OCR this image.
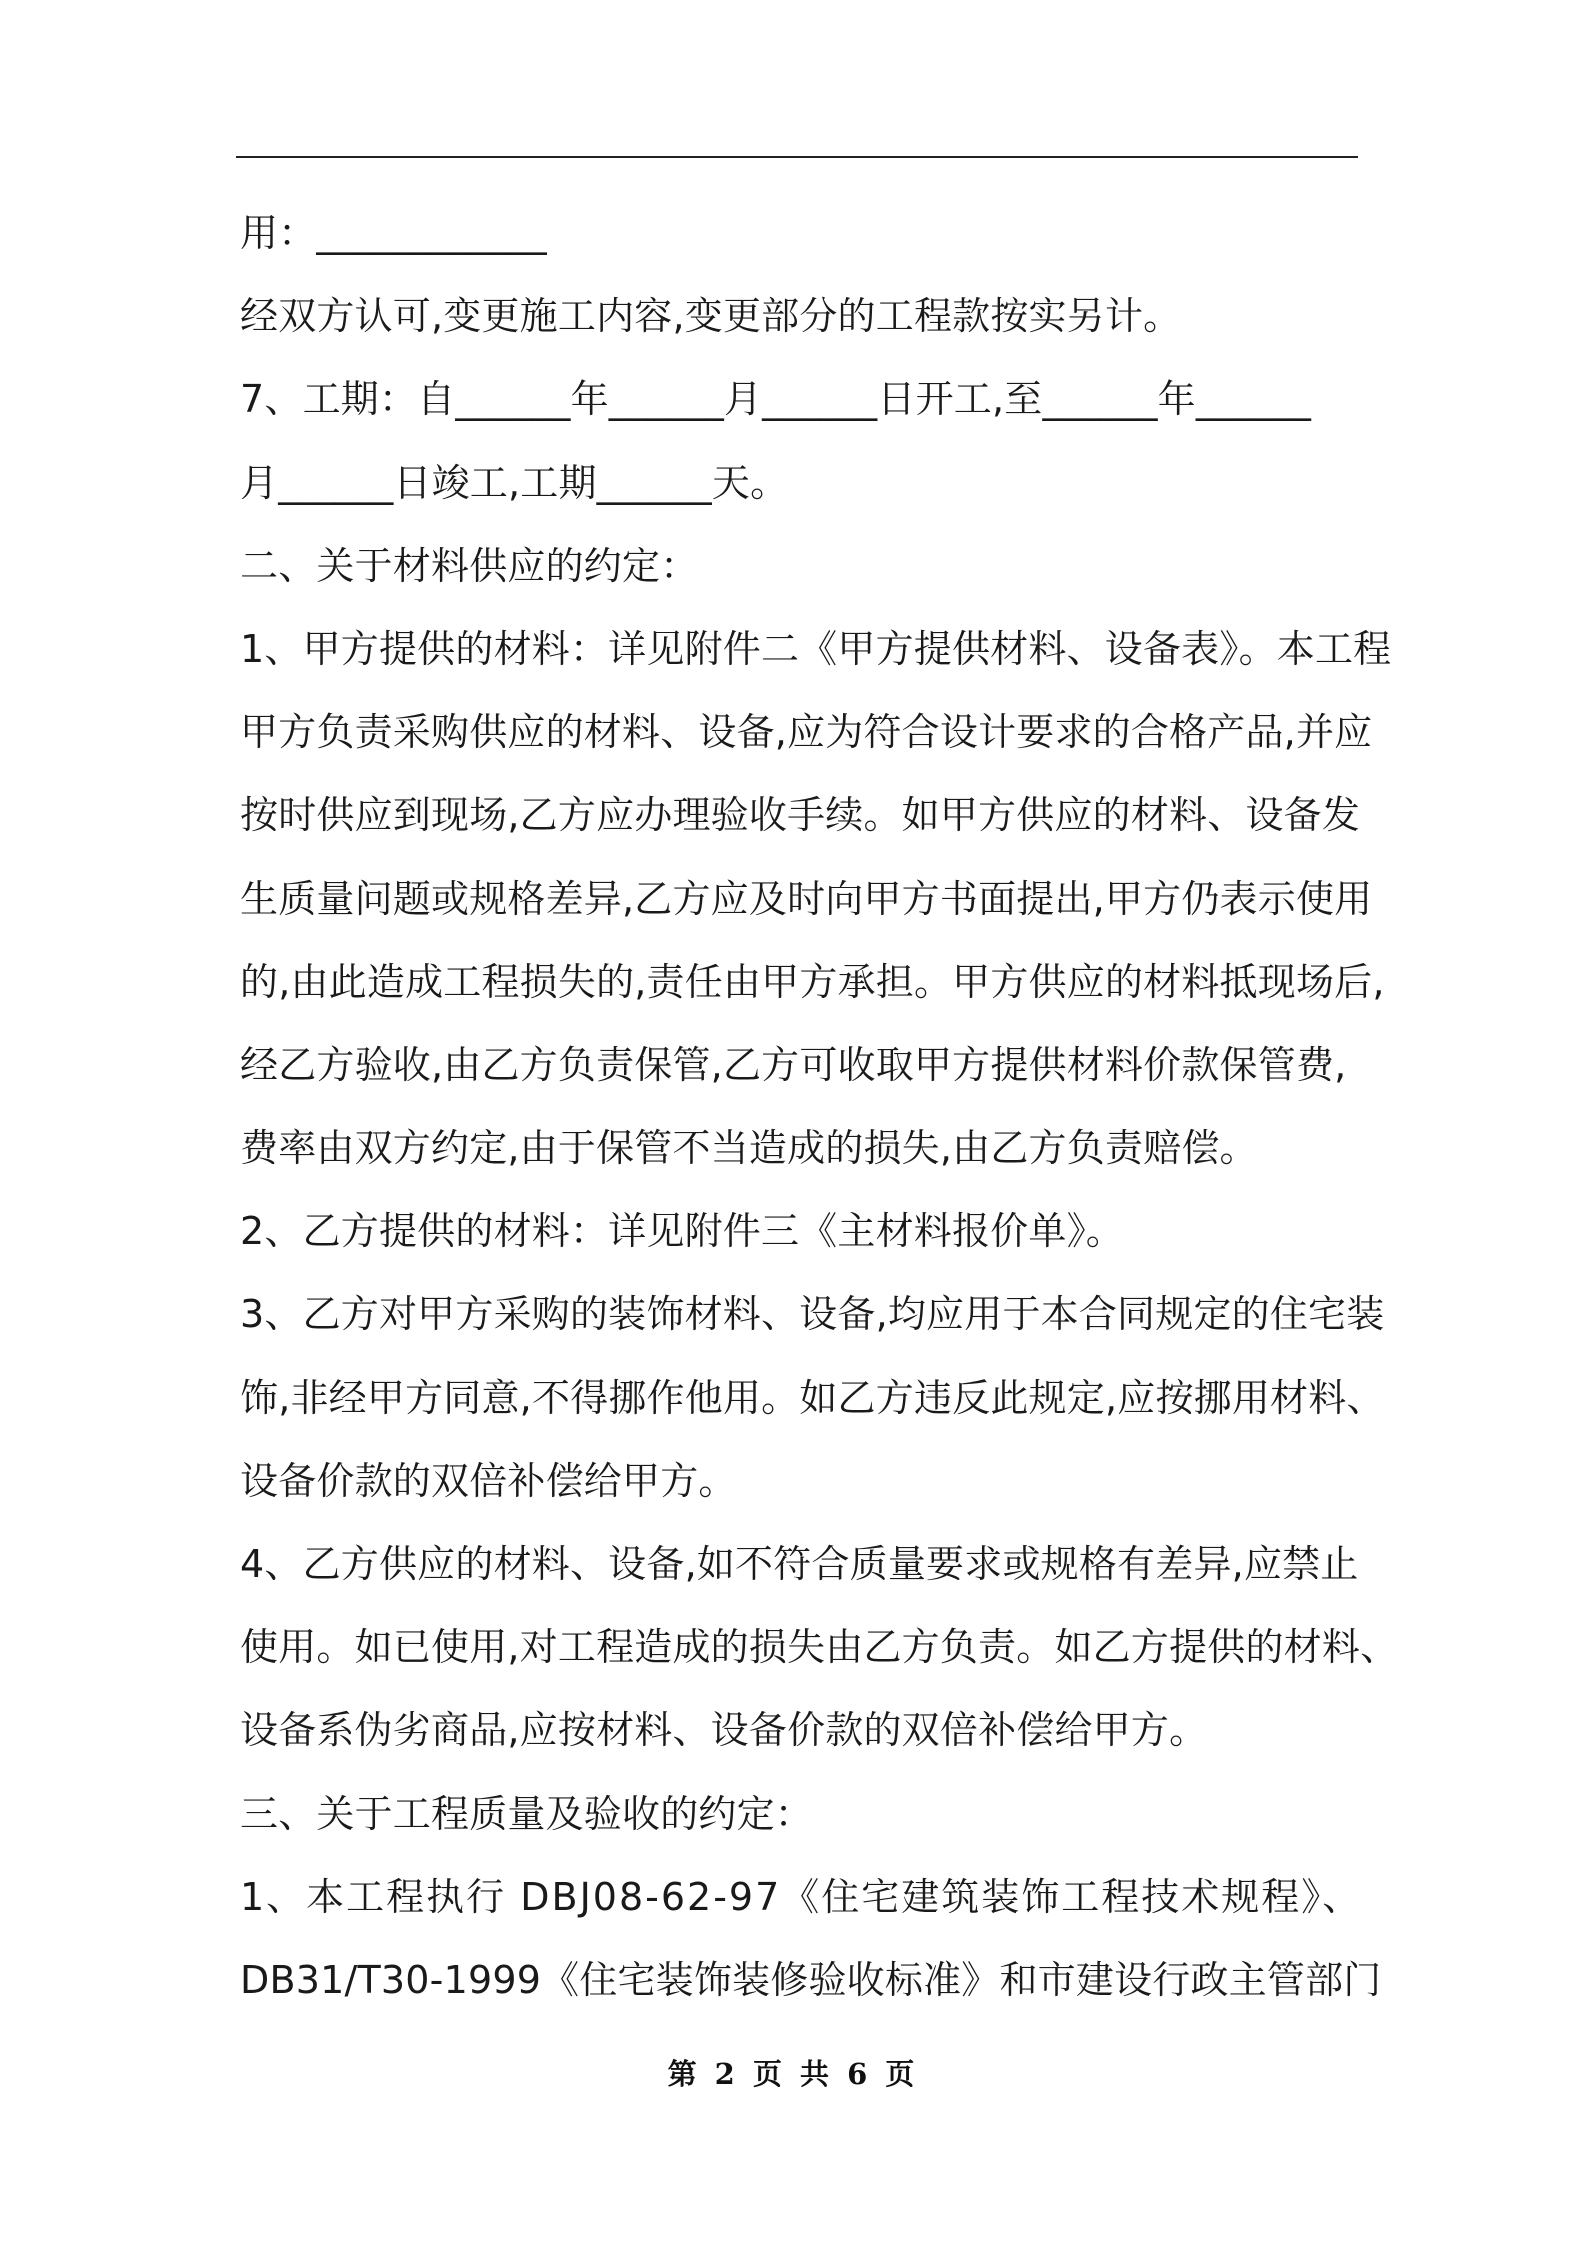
用：____________
经双方认可,变更施工内容,变更部分的工程款按实另计。
7、工期：自______年______月______日开工,至______年______
月______日竣工,工期______天。
二、关于材料供应的约定：
1、甲方提供的材料：详见附件二《甲方提供材料、设备表》。本工程
甲方负责采购供应的材料、设备,应为符合设计要求的合格产品,并应
按时供应到现场,乙方应办理验收手续。如甲方供应的材料、设备发
生质量问题或规格差异,乙方应及时向甲方书面提出,甲方仍表示使用
的,由此造成工程损失的,责任由甲方承担。甲方供应的材料抵现场后,
经乙方验收,由乙方负责保管,乙方可收取甲方提供材料价款保管费,
费率由双方约定,由于保管不当造成的损失,由乙方负责赔偿。
2、乙方提供的材料：详见附件三《主材料报价单》。
3、乙方对甲方采购的装饰材料、设备,均应用于本合同规定的住宅装
饰,非经甲方同意,不得挪作他用。如乙方违反此规定,应按挪用材料、
设备价款的双倍补偿给甲方。
4、乙方供应的材料、设备,如不符合质量要求或规格有差异,应禁止
使用。如已使用,对工程造成的损失由乙方负责。如乙方提供的材料、
设备系伪劣商品,应按材料、设备价款的双倍补偿给甲方。
三、关于工程质量及验收的约定：
1、本工程执行 DBJ08-62-97《住宅建筑装饰工程技术规程》、
DB31/T30-1999《住宅装饰装修验收标准》和市建设行政主管部门
第 2 页 共 6 页
